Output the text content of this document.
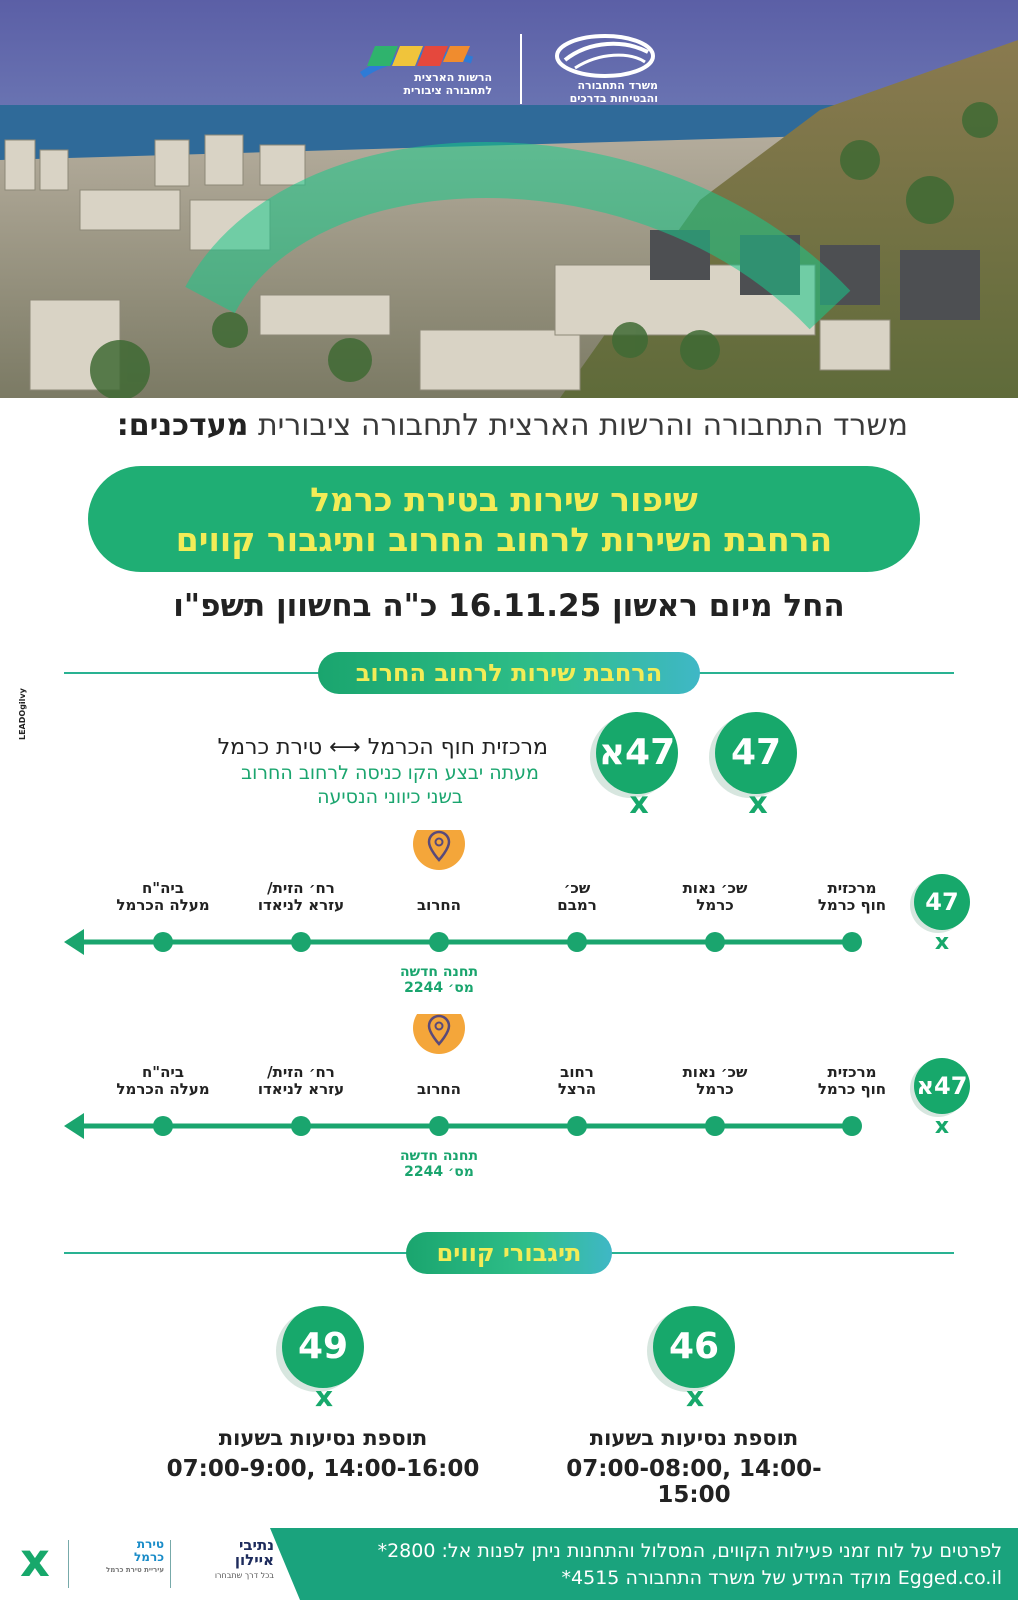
הרשות הארצית
לתחבורה ציבורית	משרד התחבורה והבטיחות בדרכים
משרד התחבורה והרשות הארצית לתחבורה ציבורית מעדכנים:
שיפור שירות בטירת כרמל
הרחבת השירות לרחוב החרוב ותיגבור קווים
החל מיום ראשון 16.11.25 כ"ה בחשוון תשפ"ו
הרחבת שירות לרחוב החרוב
47
x
47א
x
מרכזית חוף הכרמל ⟷ טירת כרמל
מעתה יבצע הקו כניסה לרחוב החרוב
בשני כיווני הנסיעה
מרכזית
חוף כרמל
שכ׳ נאות
כרמל
שכ׳
רמבם

החרוב
רח׳ הזית/
עזרא לניאדו
ביה"ח
מעלה הכרמל
תחנה חדשה
מס׳ 2244
47
x
מרכזית
חוף כרמל
שכ׳ נאות
כרמל
רחוב
הרצל

החרוב
רח׳ הזית/
עזרא לניאדו
ביה"ח
מעלה הכרמל
תחנה חדשה
מס׳ 2244
47א
x
תיגבורי קווים
46
x
תוספת נסיעות בשעות
07:00-08:00, 14:00-15:00
49
x
תוספת נסיעות בשעות
07:00-9:00, 14:00-16:00
לפרטים על לוח זמני פעילות הקווים, המסלול והתחנות ניתן לפנות אל: 2800*
Egged.co.il מוקד המידע של משרד התחבורה 4515*
x	טירת
כרמל
עיריית טירת כרמל
נתיבי
איילון
בכל דרך שתבחרו
LEADOgilvy
